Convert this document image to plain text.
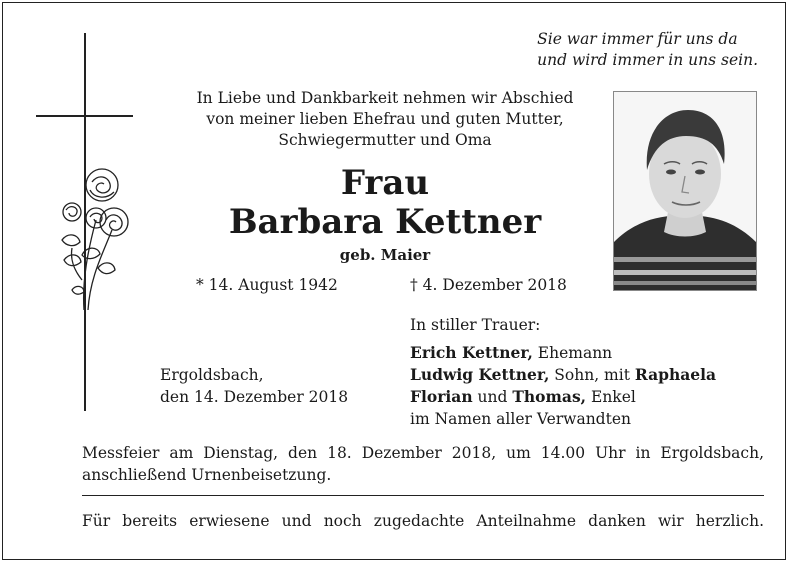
Sie war immer für uns da
und wird immer in uns sein.
In Liebe und Dankbarkeit nehmen wir Abschied
von meiner lieben Ehefrau und guten Mutter,
Schwiegermutter und Oma
Frau
Barbara Kettner
geb. Maier
* 14. August 1942	† 4. Dezember 2018
In stiller Trauer:
Erich Kettner, Ehemann
Ludwig Kettner, Sohn, mit Raphaela
Florian und Thomas, Enkel
im Namen aller Verwandten
Ergoldsbach,
den 14. Dezember 2018
Messfeier am Dienstag, den 18. Dezember 2018, um 14.00 Uhr in Ergoldsbach,
anschließend Urnenbeisetzung.
Für bereits erwiesene und noch zugedachte Anteilnahme danken wir herzlich.
